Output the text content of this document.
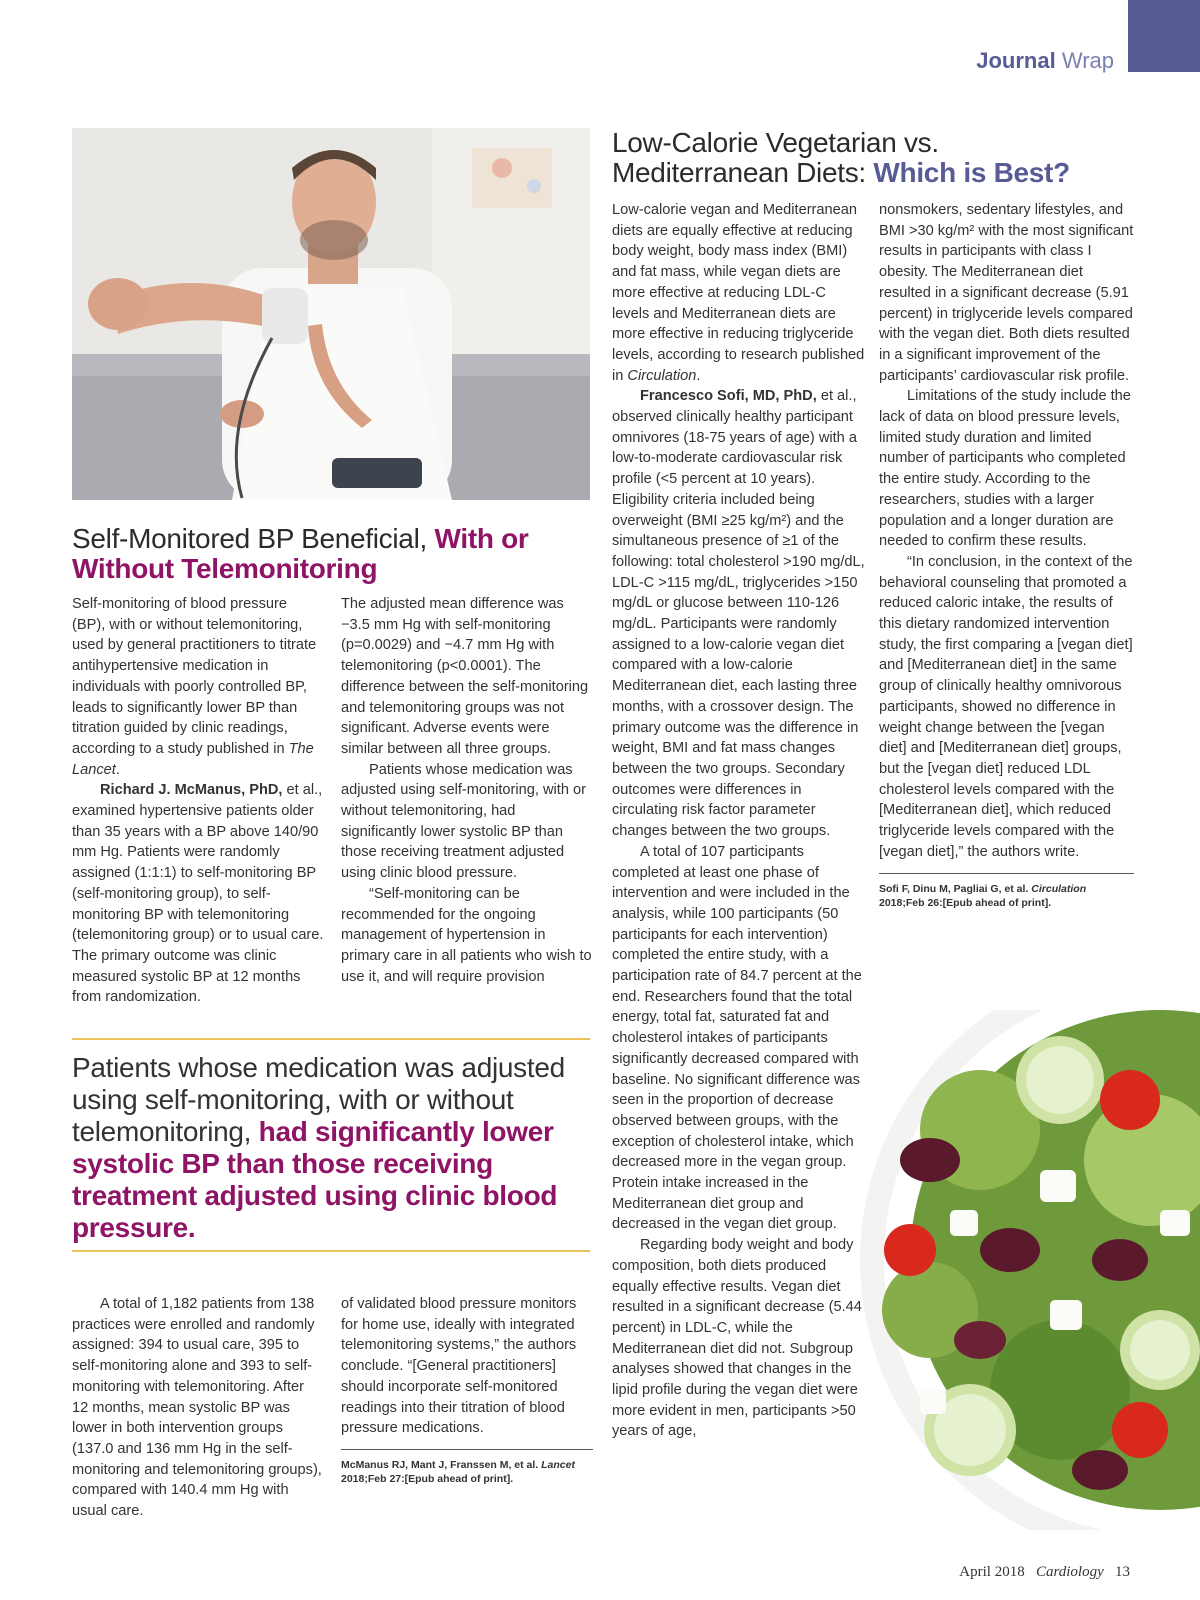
Journal Wrap
Self-Monitored BP Beneficial, With or Without Telemonitoring

Self-monitoring of blood pressure (BP), with or without telemonitoring, used by general practitioners to titrate antihypertensive medication in individuals with poorly controlled BP, leads to significantly lower BP than titration guided by clinic readings, according to a study published in The Lancet.

Richard J. McManus, PhD, et al., examined hypertensive patients older than 35 years with a BP above 140/90 mm Hg. Patients were randomly assigned (1:1:1) to self-monitoring BP (self-monitoring group), to self-monitoring BP with telemonitoring (telemonitoring group) or to usual care. The primary outcome was clinic measured systolic BP at 12 months from randomization.

The adjusted mean difference was −3.5 mm Hg with self-monitoring (p=0.0029) and −4.7 mm Hg with telemonitoring (p<0.0001). The difference between the self-monitoring and telemonitoring groups was not significant. Adverse events were similar between all three groups.

Patients whose medication was adjusted using self-monitoring, with or without telemonitoring, had significantly lower systolic BP than those receiving treatment adjusted using clinic blood pressure.

“Self-monitoring can be recommended for the ongoing management of hypertension in primary care in all patients who wish to use it, and will require provision

Patients whose medication was adjusted using self-monitoring, with or without telemonitoring, had significantly lower systolic BP than those receiving treatment adjusted using clinic blood pressure.

A total of 1,182 patients from 138 practices were enrolled and randomly assigned: 394 to usual care, 395 to self-monitoring alone and 393 to self-monitoring with telemonitoring. After 12 months, mean systolic BP was lower in both intervention groups (137.0 and 136 mm Hg in the self-monitoring and telemonitoring groups), compared with 140.4 mm Hg with usual care.

of validated blood pressure monitors for home use, ideally with integrated telemonitoring systems,” the authors conclude. “[General practitioners] should incorporate self-monitored readings into their titration of blood pressure medications.

McManus RJ, Mant J, Franssen M, et al. Lancet 2018;Feb 27:[Epub ahead of print].
Low-Calorie Vegetarian vs.
Mediterranean Diets: Which is Best?

Low-calorie vegan and Mediterranean diets are equally effective at reducing body weight, body mass index (BMI) and fat mass, while vegan diets are more effective at reducing LDL-C levels and Mediterranean diets are more effective in reducing triglyceride levels, according to research published in Circulation.

Francesco Sofi, MD, PhD, et al., observed clinically healthy participant omnivores (18-75 years of age) with a low-to-moderate cardiovascular risk profile (<5 percent at 10 years). Eligibility criteria included being overweight (BMI ≥25 kg/m²) and the simultaneous presence of ≥1 of the following: total cholesterol >190 mg/dL, LDL-C >115 mg/dL, triglycerides >150 mg/dL or glucose between 110-126 mg/dL. Participants were randomly assigned to a low-calorie vegan diet compared with a low-calorie Mediterranean diet, each lasting three months, with a crossover design. The primary outcome was the difference in weight, BMI and fat mass changes between the two groups. Secondary outcomes were differences in circulating risk factor parameter changes between the two groups.

A total of 107 participants completed at least one phase of intervention and were included in the analysis, while 100 participants (50 participants for each intervention) completed the entire study, with a participation rate of 84.7 percent at the end. Researchers found that the total energy, total fat, saturated fat and cholesterol intakes of participants significantly decreased compared with baseline. No significant difference was seen in the proportion of decrease observed between groups, with the exception of cholesterol intake, which decreased more in the vegan group. Protein intake increased in the Mediterranean diet group and decreased in the vegan diet group.

Regarding body weight and body composition, both diets produced equally effective results. Vegan diet resulted in a significant decrease (5.44 percent) in LDL-C, while the Mediterranean diet did not. Subgroup analyses showed that changes in the lipid profile during the vegan diet were more evident in men, participants >50 years of age,

nonsmokers, sedentary lifestyles, and BMI >30 kg/m² with the most significant results in participants with class I obesity. The Mediterranean diet resulted in a significant decrease (5.91 percent) in triglyceride levels compared with the vegan diet. Both diets resulted in a significant improvement of the participants’ cardiovascular risk profile.

Limitations of the study include the lack of data on blood pressure levels, limited study duration and limited number of participants who completed the entire study. According to the researchers, studies with a larger population and a longer duration are needed to confirm these results.

“In conclusion, in the context of the behavioral counseling that promoted a reduced caloric intake, the results of this dietary randomized intervention study, the first comparing a [vegan diet] and [Mediterranean diet] in the same group of clinically healthy omnivorous participants, showed no difference in weight change between the [vegan diet] and [Mediterranean diet] groups, but the [vegan diet] reduced LDL cholesterol levels compared with the [Mediterranean diet], which reduced triglyceride levels compared with the [vegan diet],” the authors write.

Sofi F, Dinu M, Pagliai G, et al. Circulation 2018;Feb 26:[Epub ahead of print].
April 2018 Cardiology 13
